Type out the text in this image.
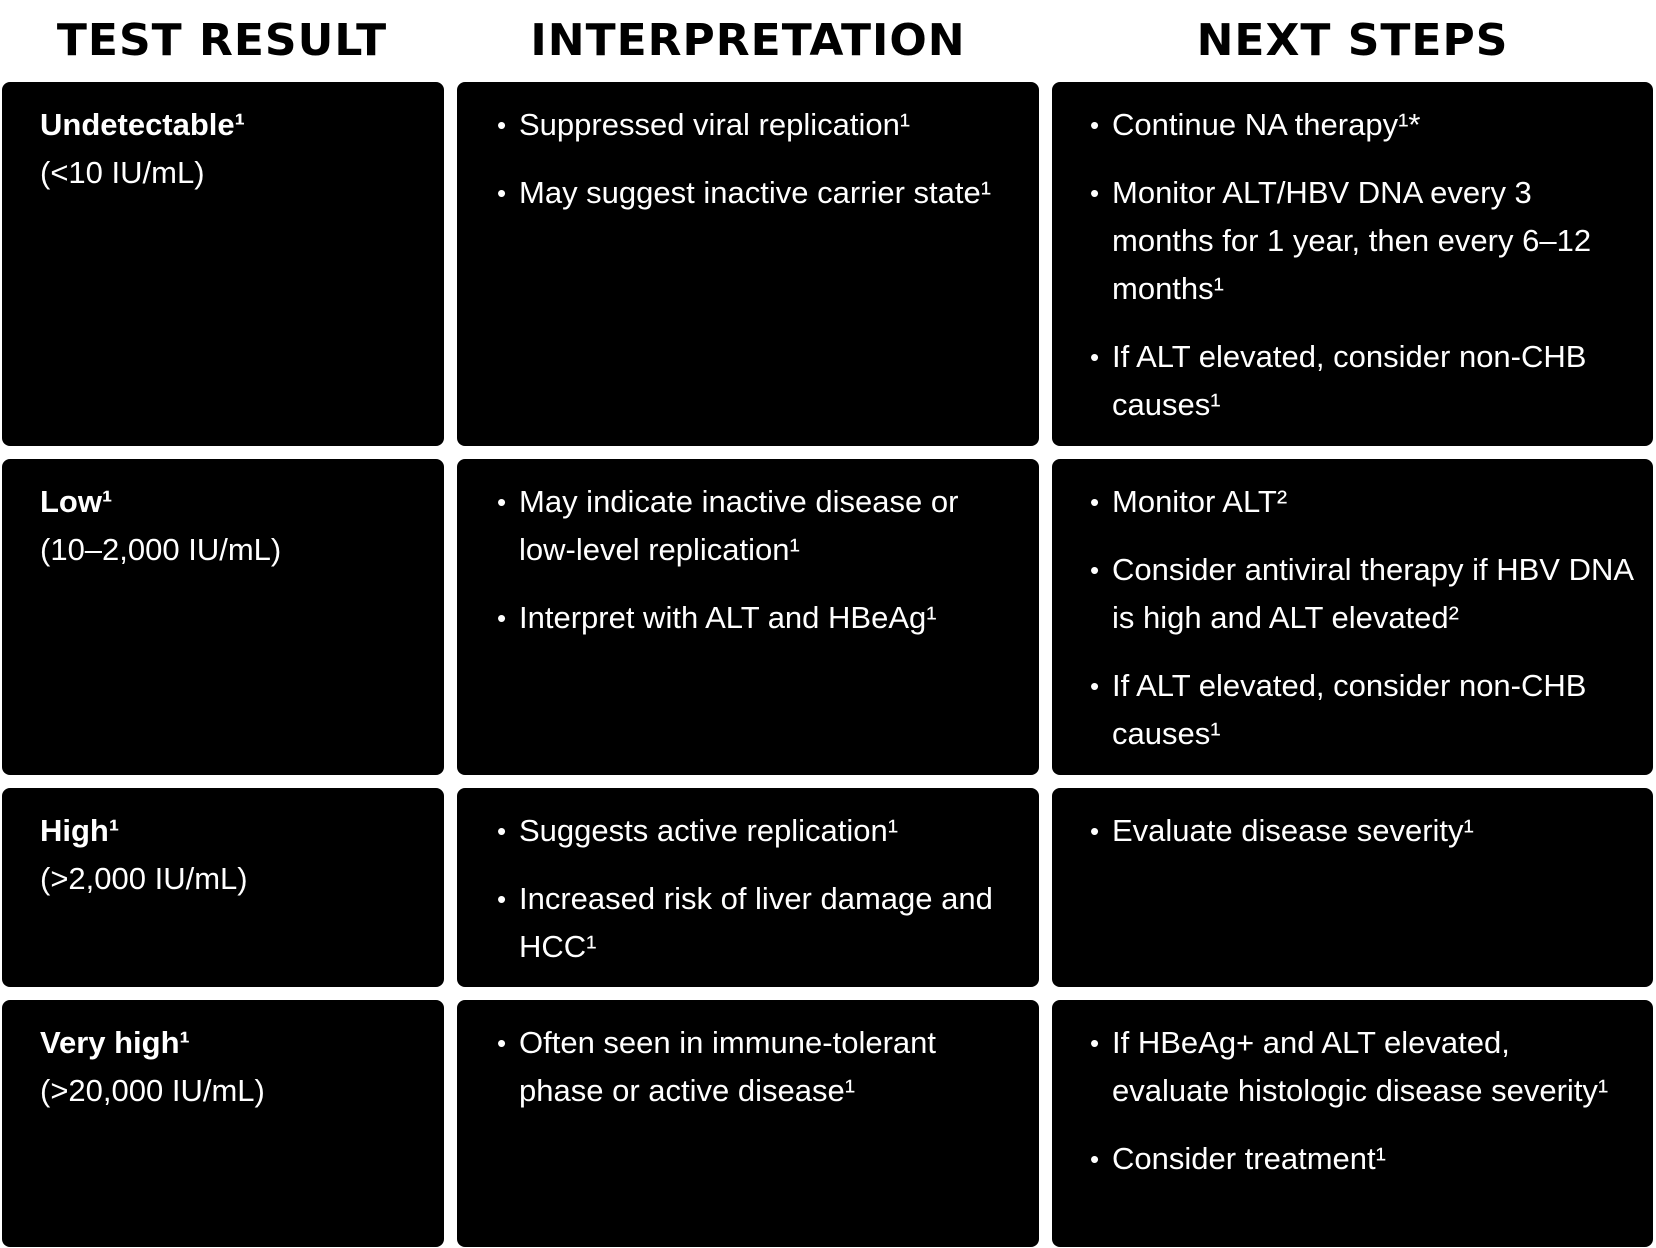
TEST RESULT	INTERPRETATION	NEXT STEPS
Undetectable¹
(<10 IU/mL)
• Suppressed viral replication¹
• May suggest inactive carrier state¹
• Continue NA therapy¹*
• Monitor ALT/HBV DNA every 3 months for 1 year, then every 6–12 months¹
• If ALT elevated, consider non-CHB causes¹
Low¹
(10–2,000 IU/mL)
• May indicate inactive disease or low-level replication¹
• Interpret with ALT and HBeAg¹
• Monitor ALT²
• Consider antiviral therapy if HBV DNA is high and ALT elevated²
• If ALT elevated, consider non-CHB causes¹
High¹
(>2,000 IU/mL)
• Suggests active replication¹
• Increased risk of liver damage and HCC¹
• Evaluate disease severity¹
Very high¹
(>20,000 IU/mL)
• Often seen in immune-tolerant phase or active disease¹
• If HBeAg+ and ALT elevated, evaluate histologic disease severity¹
• Consider treatment¹
